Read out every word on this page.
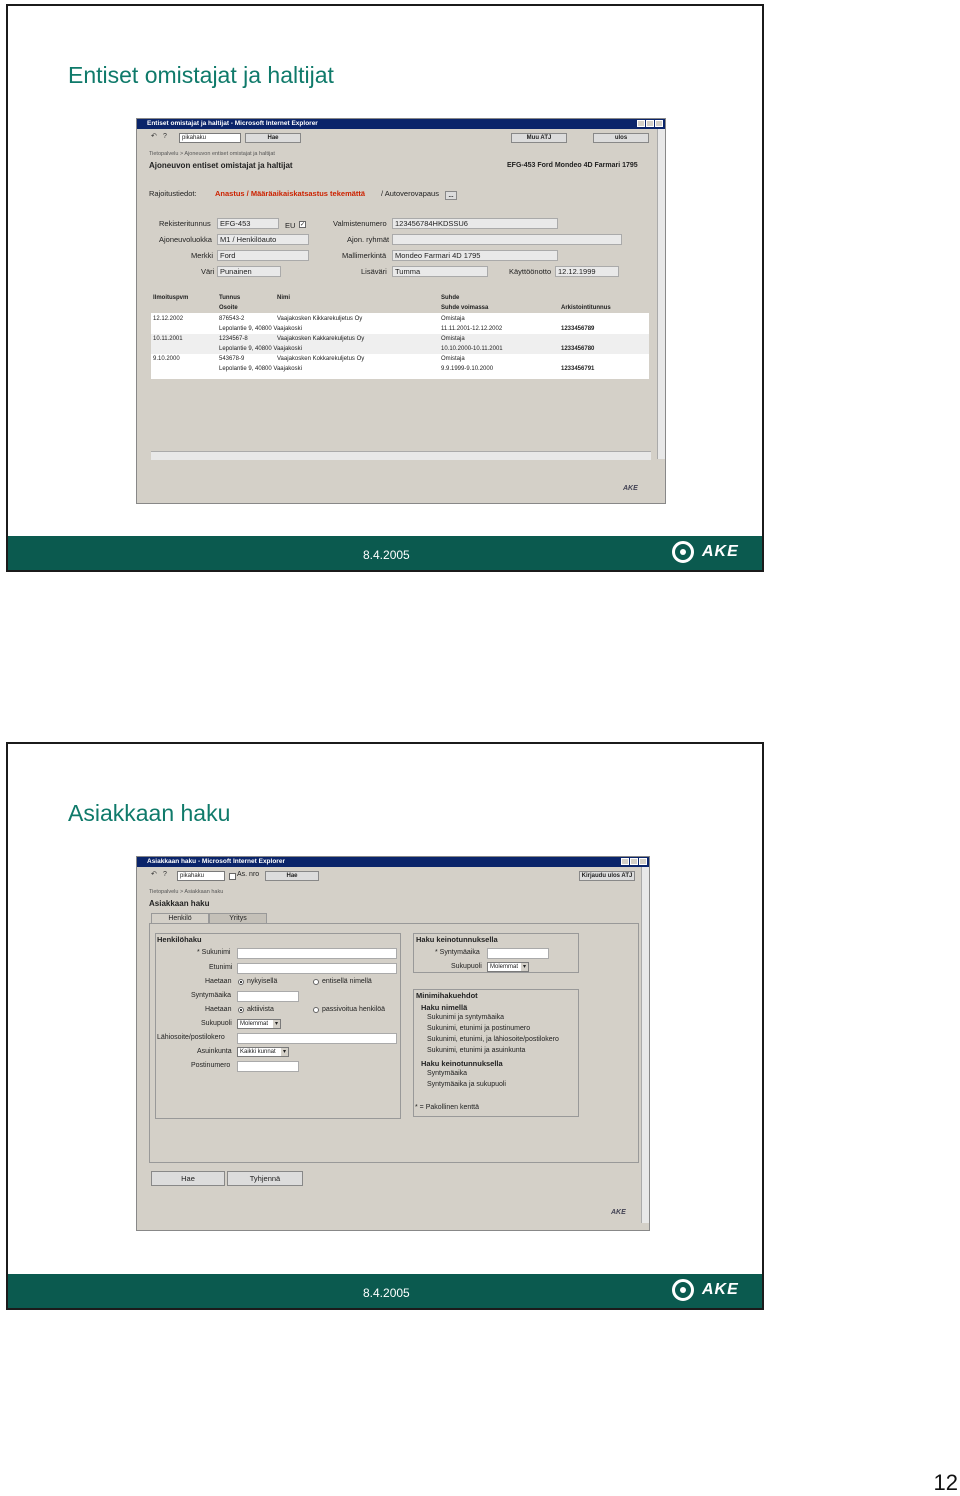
Entiset omistajat ja haltijat
Entiset omistajat ja haltijat - Microsoft Internet Explorer
↶ ?	pikahaku	Hae	Muu ATJ	ulos
Tietopalvelu > Ajoneuvon entiset omistajat ja haltijat
Ajoneuvon entiset omistajat ja haltijat	EFG-453 Ford Mondeo 4D Farmari 1795
Rajoitustiedot: Anastus / Määräaikaiskatsastus tekemättä / Autoverovapaus	...
Rekisteritunnus	EFG-453	EU ✓	Valmistenumero	123456784HKDSSU6
Ajoneuvoluokka	M1 / Henkilöauto	Ajon. ryhmät
Merkki Ford	Mallimerkintä	Mondeo Farmari 4D 1795
Väri Punainen	Lisäväri	Tumma	Käyttöönotto 12.12.1999
Ilmoituspvm	Tunnus	Nimi	Suhde
Osoite	Suhde voimassa	Arkistointitunnus
12.12.2002	876543-2	Vaajakosken Kikkarekuljetus Oy	Omistaja
Lepolantie 9, 40800 Vaajakoski	11.11.2001-12.12.2002	1233456789
10.11.2001	1234567-8	Vaajakosken Kakkarekuljetus Oy	Omistaja
Lepolantie 9, 40800 Vaajakoski	10.10.2000-10.11.2001	1233456780
9.10.2000	543678-9	Vaajakosken Kokkarekuljetus Oy	Omistaja
Lepolantie 9, 40800 Vaajakoski	9.9.1999-9.10.2000	1233456791
AKE
8.4.2005	AKE
Asiakkaan haku
Asiakkaan haku - Microsoft Internet Explorer
↶ ?	pikahaku	As. nro	Hae	Kirjaudu ulos ATJ
Tietopalvelu > Asiakkaan haku
Asiakkaan haku
Henkilö	Yritys
Henkilöhaku
* Sukunimi
Etunimi
Haetaan nykyisellä	entisellä nimellä
Syntymäaika
Haetaan aktiivista	passivoitua henkilöä
Sukupuoli	Molemmat ▾
Lähiosoite/postilokero
Asuinkunta	Kaikki kunnat ▾
Postinumero
Haku keinotunnuksella
* Syntymäaika
Sukupuoli	Molemmat ▾
Minimihakuehdot
Haku nimellä
Sukunimi ja syntymäaika
Sukunimi, etunimi ja postinumero
Sukunimi, etunimi, ja lähiosoite/postilokero
Sukunimi, etunimi ja asuinkunta
Haku keinotunnuksella
Syntymäaika
Syntymäaika ja sukupuoli
* = Pakollinen kenttä
Hae	Tyhjennä
AKE
8.4.2005	AKE
12
